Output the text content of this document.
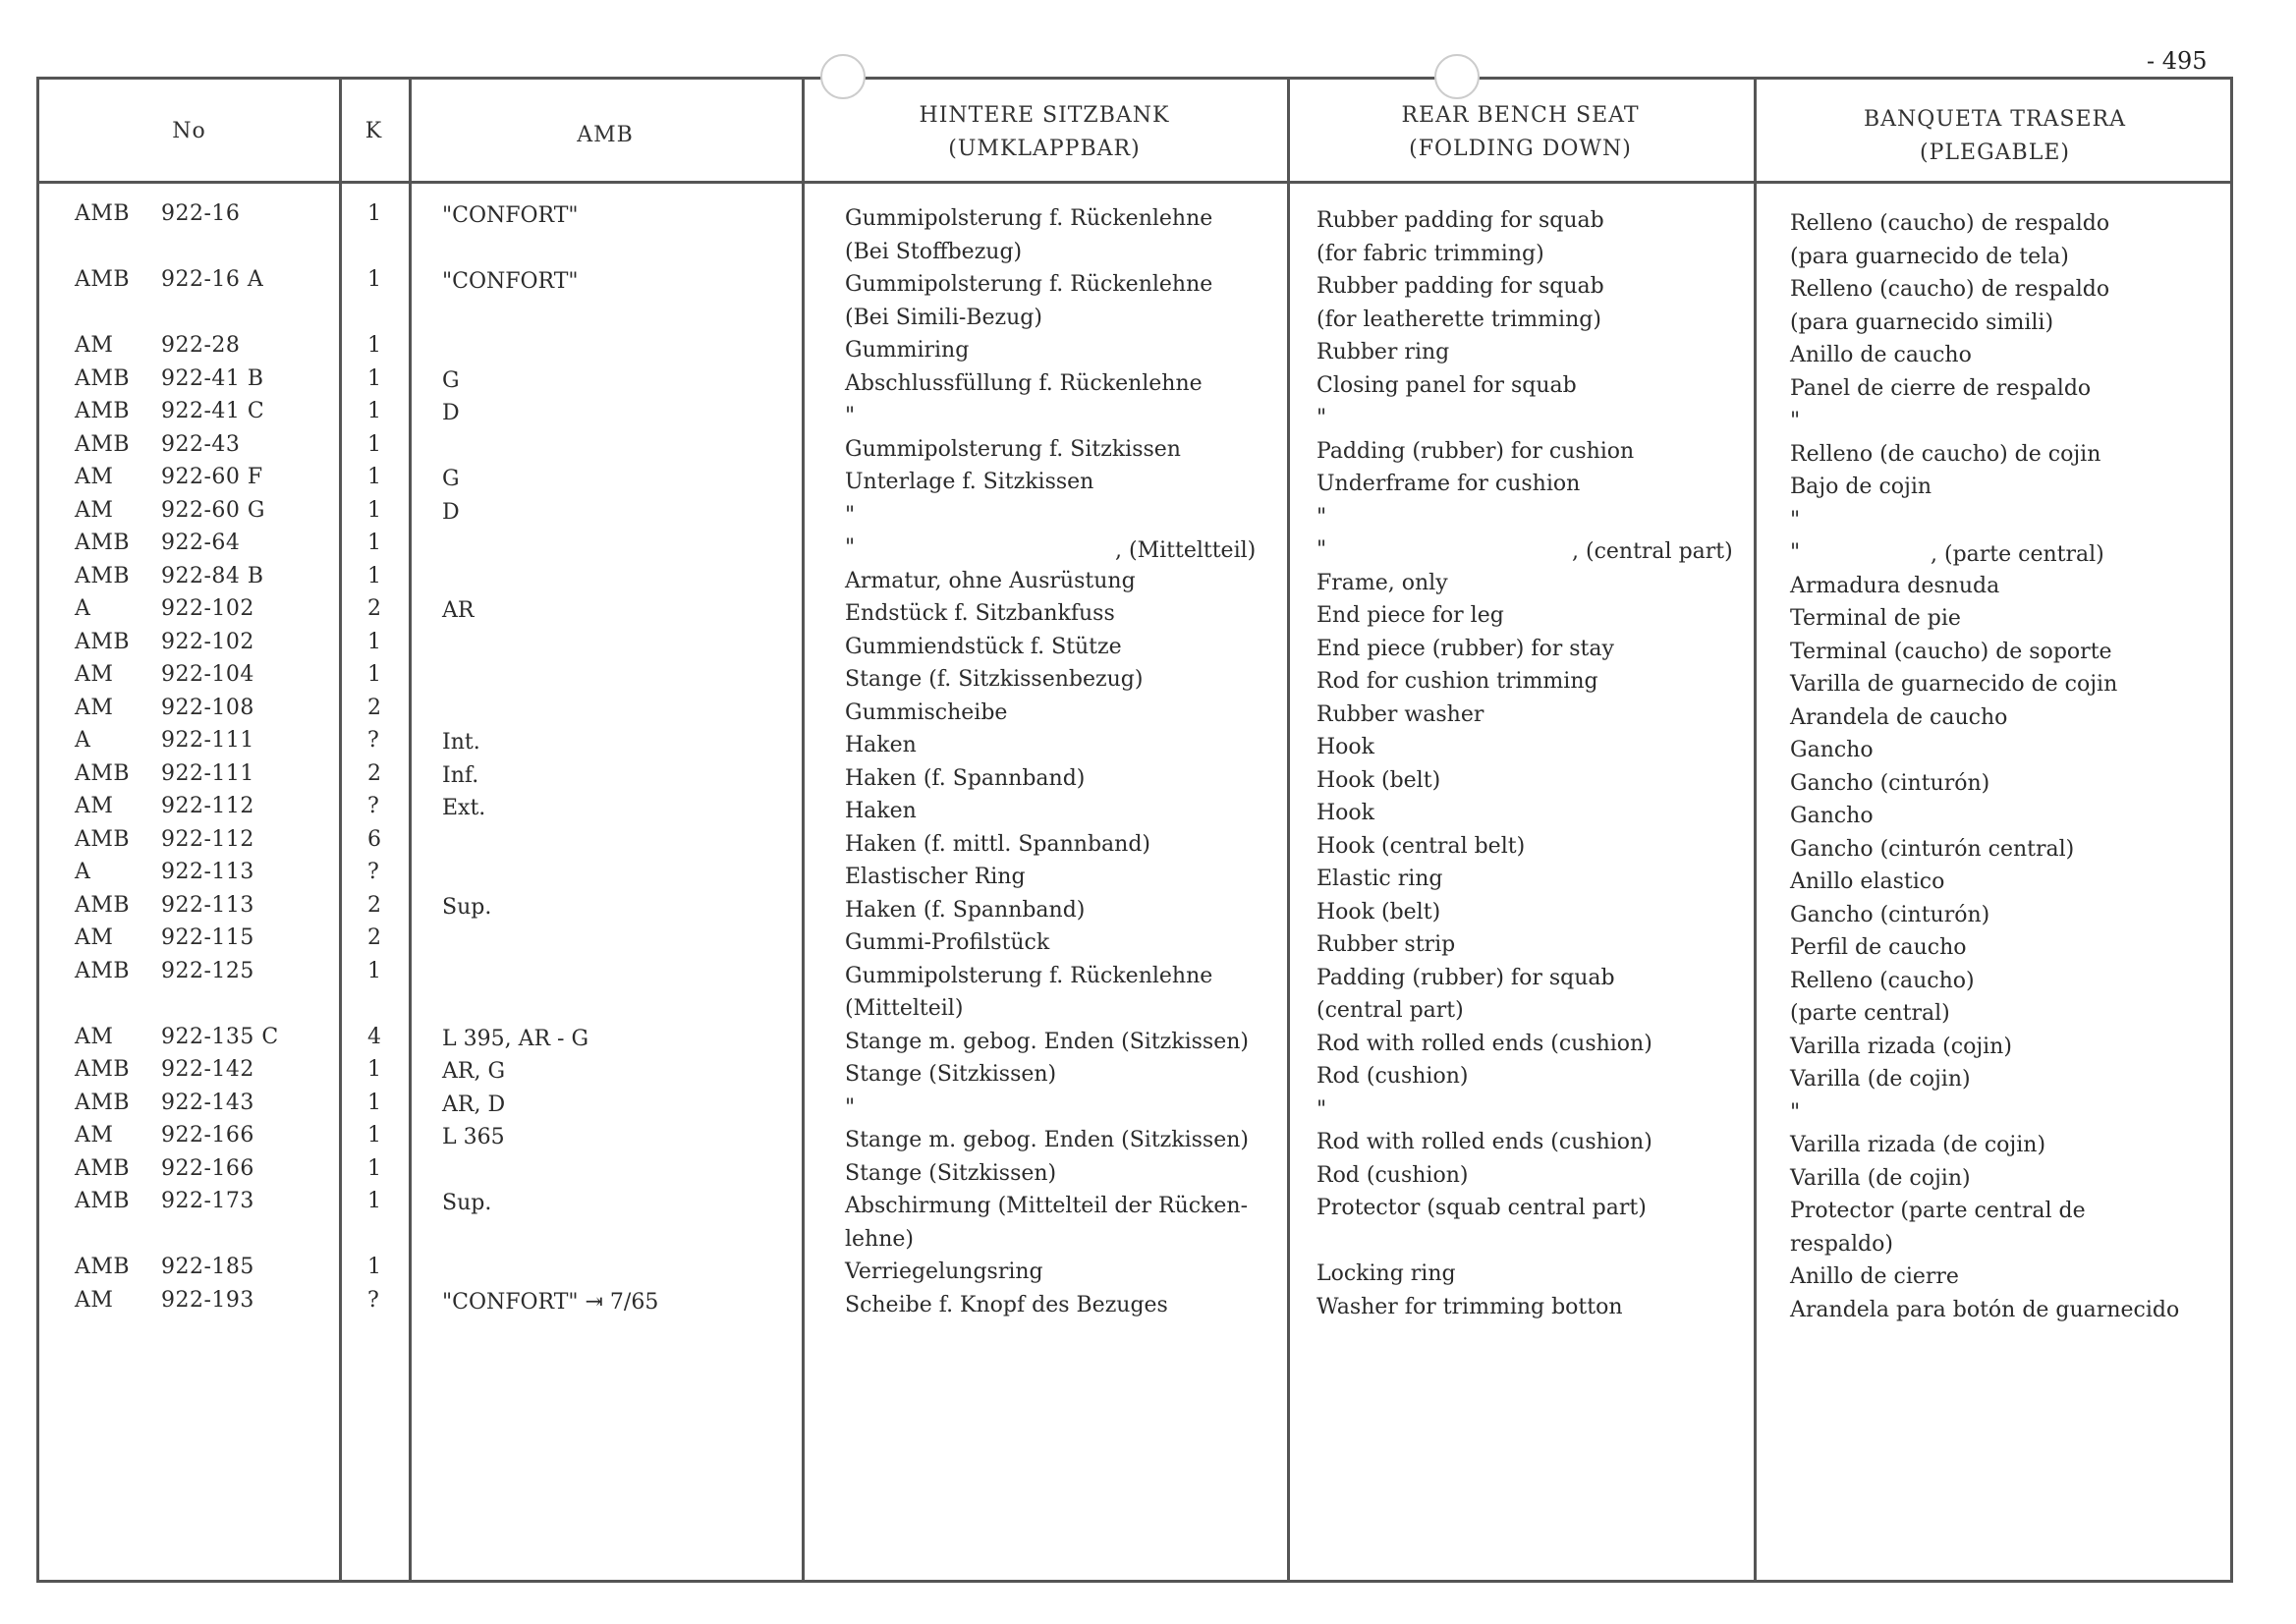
- 495
No	K	AMB
HINTERE SITZBANK
(UMKLAPPBAR)
REAR BENCH SEAT
(FOLDING DOWN)
BANQUETA TRASERA
(PLEGABLE)
AMB 922-16	1	"CONFORT"	Gummipolsterung f. Rückenlehne	Rubber padding for squab	Relleno (caucho) de respaldo
(Bei Stoffbezug)	(for fabric trimming)	(para guarnecido de tela)
AMB 922-16 A	1	"CONFORT"	Gummipolsterung f. Rückenlehne	Rubber padding for squab	Relleno (caucho) de respaldo
(Bei Simili-Bezug)	(for leatherette trimming)	(para guarnecido simili)
AM 922-28	1	Gummiring	Rubber ring	Anillo de caucho
AMB 922-41 B	1	G	Abschlussfüllung f. Rückenlehne	Closing panel for squab	Panel de cierre de respaldo
AMB 922-41 C	1	D	"	"	"
AMB 922-43	1	Gummipolsterung f. Sitzkissen	Padding (rubber) for cushion	Relleno (de caucho) de cojin
AM 922-60 F	1	G	Unterlage f. Sitzkissen	Underframe for cushion	Bajo de cojin
AM 922-60 G	1	D	"	"	"
AMB 922-64	1	"	"	"
AMB 922-84 B	1	Armatur, ohne Ausrüstung	Frame, only	Armadura desnuda
A	922-102	2	AR	Endstück f. Sitzbankfuss	End piece for leg	Terminal de pie
AMB 922-102	1	Gummiendstück f. Stütze	End piece (rubber) for stay	Terminal (caucho) de soporte
AM 922-104	1	Stange (f. Sitzkissenbezug)	Rod for cushion trimming	Varilla de guarnecido de cojin
AM 922-108	2	Gummischeibe	Rubber washer	Arandela de caucho
A	922-111	?	Int.	Haken	Hook	Gancho
AMB 922-111	2	Inf.	Haken (f. Spannband)	Hook (belt)	Gancho (cinturón)
AM 922-112	?	Ext.	Haken	Hook	Gancho
AMB 922-112	6	Haken (f. mittl. Spannband)	Hook (central belt)	Gancho (cinturón central)
A	922-113	?	Elastischer Ring	Elastic ring	Anillo elastico
AMB 922-113	2	Sup.	Haken (f. Spannband)	Hook (belt)	Gancho (cinturón)
AM 922-115	2	Gummi-Profilstück	Rubber strip	Perfil de caucho
AMB 922-125	1	Gummipolsterung f. Rückenlehne	Padding (rubber) for squab	Relleno (caucho)
(Mittelteil)	(central part)	(parte central)
AM 922-135 C	4	L 395, AR - G	Stange m. gebog. Enden (Sitzkissen)	Rod with rolled ends (cushion)	Varilla rizada (cojin)
AMB 922-142	1	AR, G	Stange (Sitzkissen)	Rod (cushion)	Varilla (de cojin)
AMB 922-143	1	AR, D	"	"	"
AM 922-166	1	L 365	Stange m. gebog. Enden (Sitzkissen)	Rod with rolled ends (cushion)	Varilla rizada (de cojin)
AMB 922-166	1	Stange (Sitzkissen)	Rod (cushion)	Varilla (de cojin)
AMB 922-173	1	Sup.	Abschirmung (Mittelteil der Rücken-	Protector (squab central part)	Protector (parte central de
lehne)	respaldo)
AMB 922-185	1	Verriegelungsring	Locking ring	Anillo de cierre
AM 922-193	?	"CONFORT" ⇥ 7/65	Scheibe f. Knopf des Bezuges	Washer for trimming botton	Arandela para botón de guarnecido
, (Mitteltteil)	, (central part)	, (parte central)
